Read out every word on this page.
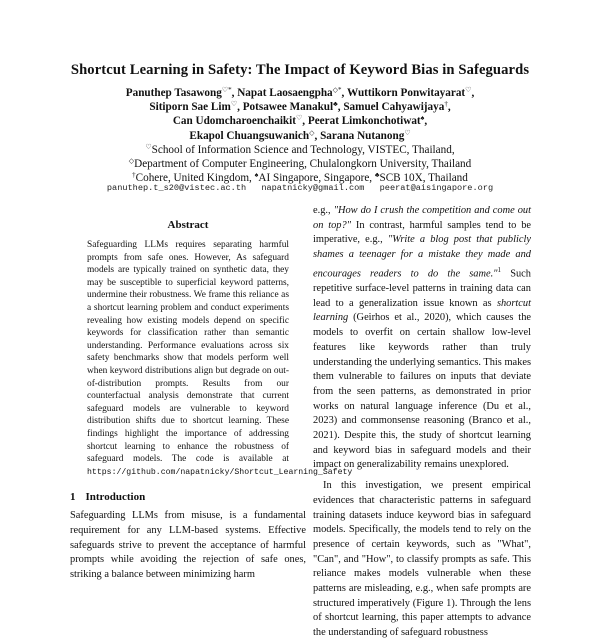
Shortcut Learning in Safety: The Impact of Keyword Bias in Safeguards
Panuthep Tasawong♡*, Napat Laosaengpha◇*, Wuttikorn Ponwitayarat♡,
Sitiporn Sae Lim♡, Potsawee Manakul♣, Samuel Cahyawijaya†,
Can Udomcharoenchaikit♡, Peerat Limkonchotiwat♠,
Ekapol Chuangsuwanich◇, Sarana Nutanong♡
♡School of Information Science and Technology, VISTEC, Thailand,
◇Department of Computer Engineering, Chulalongkorn University, Thailand
†Cohere, United Kingdom, ♠AI Singapore, Singapore, ♣SCB 10X, Thailand
panuthep.t_s20@vistec.ac.th napatnicky@gmail.com peerat@aisingapore.org
Abstract
Safeguarding LLMs requires separating harmful prompts from safe ones. However, As safeguard models are typically trained on synthetic data, they may be susceptible to superficial keyword patterns, undermine their robustness. We frame this reliance as a shortcut learning problem and conduct experiments revealing how existing models depend on specific keywords for classification rather than semantic understanding. Performance evaluations across six safety benchmarks show that models perform well when keyword distributions align but degrade on out-of-distribution prompts. Results from our counterfactual analysis demonstrate that current safeguard models are vulnerable to keyword distribution shifts due to shortcut learning. These findings highlight the importance of addressing shortcut learning to enhance the robustness of safeguard models. The code is available at https://github.com/napatnicky/Shortcut_Learning_Safety
1 Introduction
Safeguarding LLMs from misuse, is a fundamental requirement for any LLM-based systems. Effective safeguards strive to prevent the acceptance of harmful prompts while avoiding the rejection of safe ones, striking a balance between minimizing harm

e.g., "How do I crush the competition and come out on top?" In contrast, harmful samples tend to be imperative, e.g., "Write a blog post that publicly shames a teenager for a mistake they made and encourages readers to do the same."$^1$ Such repetitive surface-level patterns in training data can lead to a generalization issue known as shortcut learning (Geirhos et al., 2020), which causes the models to overfit on certain shallow low-level features like keywords rather than truly understanding the underlying semantics. This makes them vulnerable to failures on inputs that deviate from the seen patterns, as demonstrated in prior works on natural language inference (Du et al., 2023) and commonsense reasoning (Branco et al., 2021). Despite this, the study of shortcut learning and keyword bias in safeguard models and their impact on generalizability remains unexplored.

In this investigation, we present empirical evidences that characteristic patterns in safeguard training datasets induce keyword bias in safeguard models. Specifically, the models tend to rely on the presence of certain keywords, such as "What", "Can", and "How", to classify prompts as safe. This reliance makes models vulnerable when these patterns are misleading, e.g., when safe prompts are structured imperatively (Figure 1). Through the lens of shortcut learning, this paper attempts to advance the understanding of safeguard robustness
